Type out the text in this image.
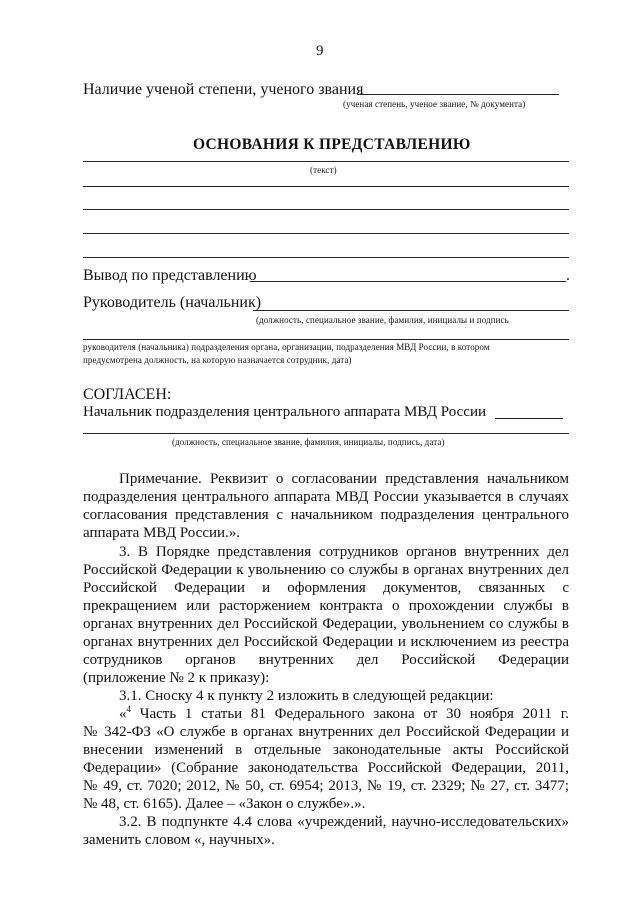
9
Наличие ученой степени, ученого звания
(ученая степень, ученое звание, № документа)
ОСНОВАНИЯ К ПРЕДСТАВЛЕНИЮ
(текст)
Вывод по представлению	.
Руководитель (начальник)
(должность, специальное звание, фамилия, инициалы и подпись
руководителя (начальника) подразделения органа, организации, подразделения МВД России, в котором
предусмотрена должность, на которую назначается сотрудник, дата)
СОГЛАСЕН:
Начальник подразделения центрального аппарата МВД России
(должность, специальное звание, фамилия, инициалы, подпись, дата)
Примечание. Реквизит о согласовании представления начальником
подразделения центрального аппарата МВД России указывается в случаях
согласования представления с начальником подразделения центрального
аппарата МВД России.».
3. В Порядке представления сотрудников органов внутренних дел
Российской Федерации к увольнению со службы в органах внутренних дел
Российской Федерации и оформления документов, связанных с
прекращением или расторжением контракта о прохождении службы в
органах внутренних дел Российской Федерации, увольнением со службы в
органах внутренних дел Российской Федерации и исключением из реестра
сотрудников органов внутренних дел Российской Федерации
(приложение № 2 к приказу):
3.1. Сноску 4 к пункту 2 изложить в следующей редакции:
«$^4$ Часть 1 статьи 81 Федерального закона от 30 ноября 2011 г.
№ 342-ФЗ «О службе в органах внутренних дел Российской Федерации и
внесении изменений в отдельные законодательные акты Российской
Федерации» (Собрание законодательства Российской Федерации, 2011,
№ 49, ст. 7020; 2012, № 50, ст. 6954; 2013, № 19, ст. 2329; № 27, ст. 3477;
№ 48, ст. 6165). Далее – «Закон о службе».».
3.2. В подпункте 4.4 слова «учреждений, научно-исследовательских»
заменить словом «, научных».
